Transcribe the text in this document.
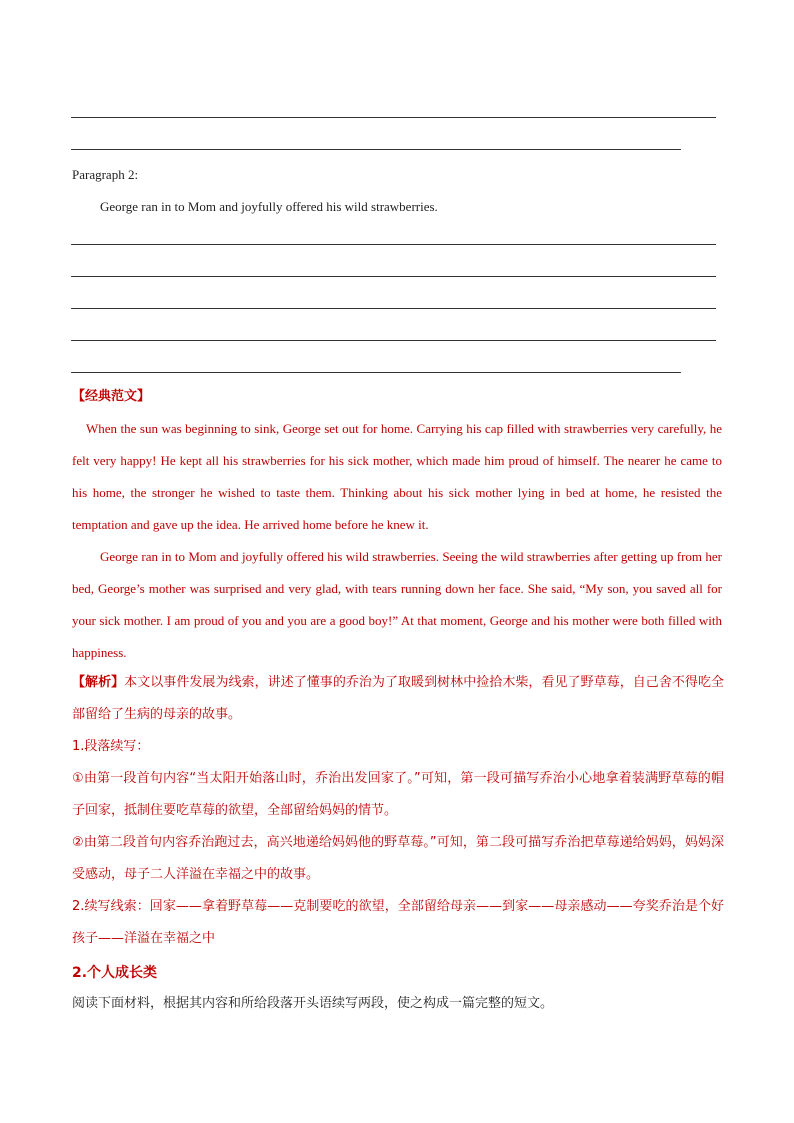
Paragraph 2:
George ran in to Mom and joyfully offered his wild strawberries.
【经典范文】

When the sun was beginning to sink, George set out for home. Carrying his cap filled with strawberries very carefully, he felt very happy! He kept all his strawberries for his sick mother, which made him proud of himself. The nearer he came to his home, the stronger he wished to taste them. Thinking about his sick mother lying in bed at home, he resisted the temptation and gave up the idea. He arrived home before he knew it.

George ran in to Mom and joyfully offered his wild strawberries. Seeing the wild strawberries after getting up from her bed, George’s mother was surprised and very glad, with tears running down her face. She said, “My son, you saved all for your sick mother. I am proud of you and you are a good boy!” At that moment, George and his mother were both filled with happiness.

【解析】本文以事件发展为线索，讲述了懂事的乔治为了取暖到树林中捡拾木柴，看见了野草莓，自己舍不得吃全部留给了生病的母亲的故事。
1.段落续写：
①由第一段首句内容“当太阳开始落山时，乔治出发回家了。”可知，第一段可描写乔治小心地拿着装满野草莓的帽子回家，抵制住要吃草莓的欲望，全部留给妈妈的情节。
②由第二段首句内容乔治跑过去，高兴地递给妈妈他的野草莓。”可知，第二段可描写乔治把草莓递给妈妈，妈妈深受感动，母子二人洋溢在幸福之中的故事。
2.续写线索：回家——拿着野草莓——克制要吃的欲望，全部留给母亲——到家——母亲感动——夸奖乔治是个好孩子——洋溢在幸福之中
2.个人成长类
阅读下面材料，根据其内容和所给段落开头语续写两段，使之构成一篇完整的短文。
